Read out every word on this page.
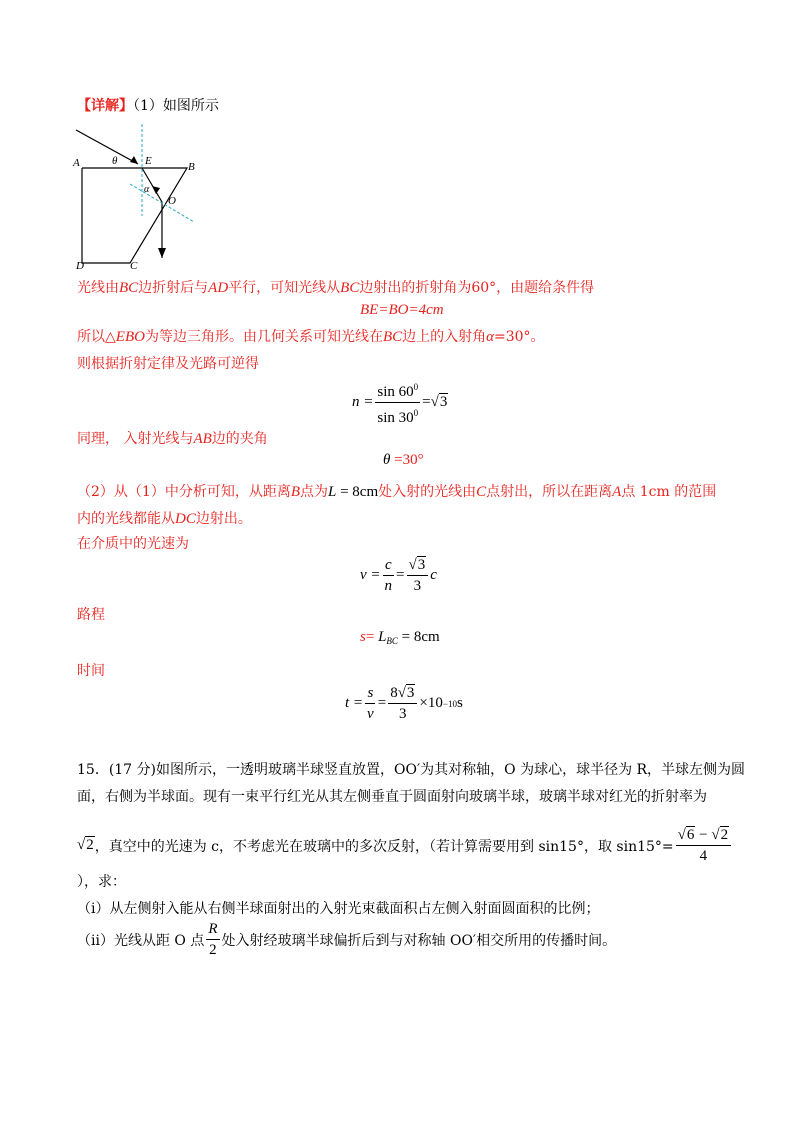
【详解】（1）如图所示
A	B
C
D
E
O
θ
α
光线由BC边折射后与AD平行，可知光线从BC边射出的折射角为60°，由题给条件得
BE=BO=4cm
所以△EBO为等边三角形。由几何关系可知光线在BC边上的入射角α=30°。
则根据折射定律及光路可逆得
$n = \frac{\sin 60^0}{\sin 30^0} = √3$
同理， 入射光线与AB边的夹角
θ =30°
（2）从（1）中分析可知，从距离B点为L = 8cm处入射的光线由C点射出，所以在距离A点 1cm 的范围
内的光线都能从DC边射出。
在介质中的光速为
$v = \frac{c}{n} = \frac{√3}{3}$ c
路程
$s= L_{BC} = 8cm$
时间
$t = \frac{s}{v} = \frac{8√3}{3} \times 10 -10$ s
15．(17 分)如图所示，一透明玻璃半球竖直放置，OO′为其对称轴，O 为球心，球半径为 R，半球左侧为圆
面，右侧为半球面。现有一束平行红光从其左侧垂直于圆面射向玻璃半球，玻璃半球对红光的折射率为
√2 ，真空中的光速为 c，不考虑光在玻璃中的多次反射，（若计算需要用到 sin15°，取 $\sin 15^\circ= \frac{√6 - √2}{4}$
），求：
（i）从左侧射入能从右侧半球面射出的入射光束截面积占左侧入射面圆面积的比例；
（ii）光线从距 O 点 $\frac{R}{2}$ 处入射经玻璃半球偏折后到与对称轴 OO′相交所用的传播时间。
